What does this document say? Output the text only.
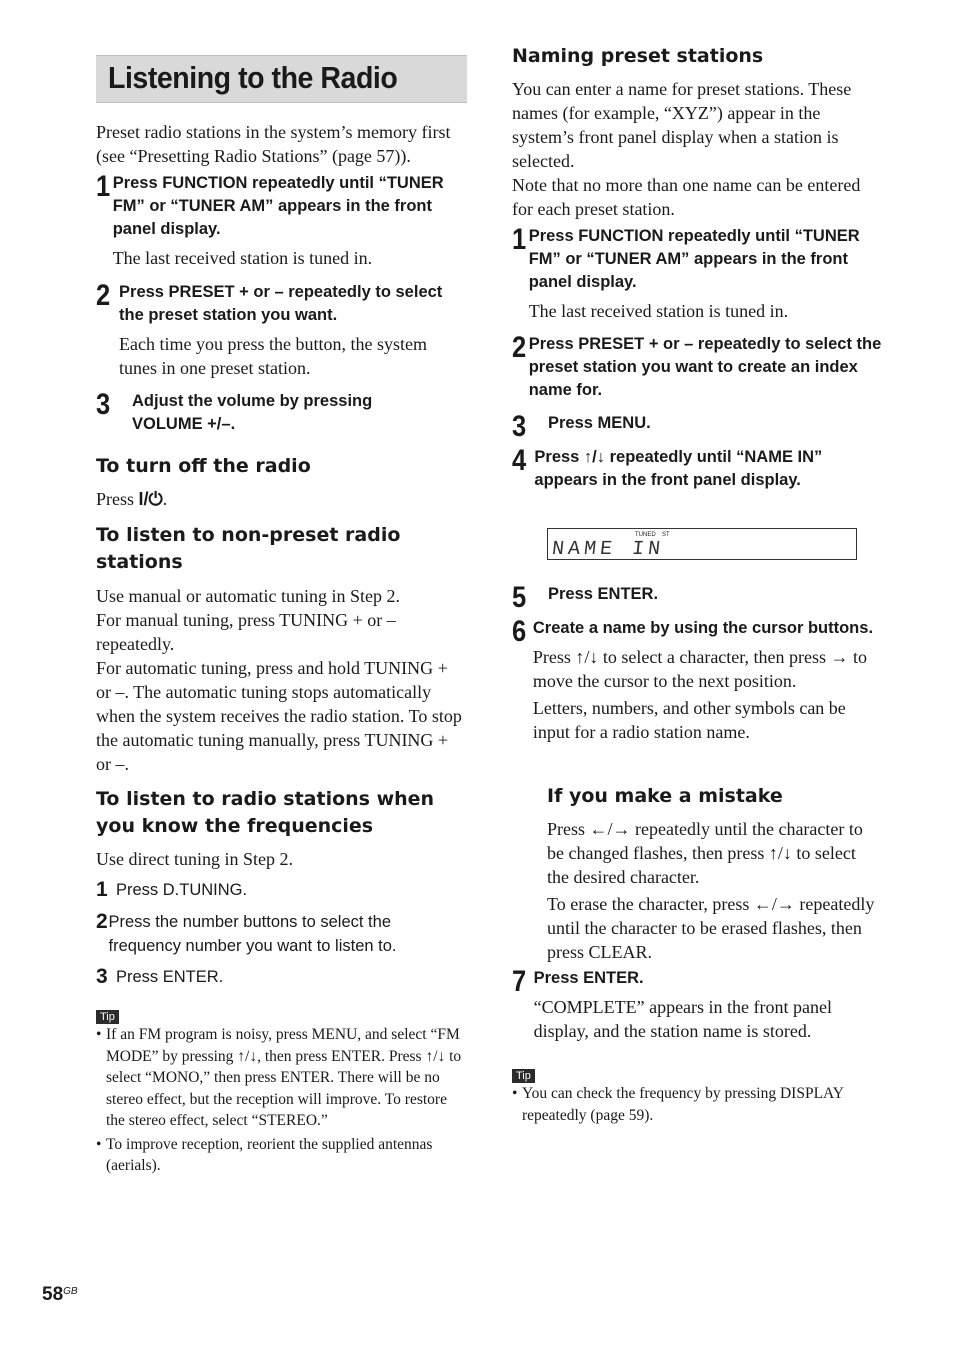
Listening to the Radio

Preset radio stations in the system’s memory first (see “Presetting Radio Stations” (page 57)).

1 Press FUNCTION repeatedly until “TUNER FM” or “TUNER AM” appears in the front panel display.

The last received station is tuned in.

2 Press PRESET + or – repeatedly to select the preset station you want.

Each time you press the button, the system tunes in one preset station.

3	Adjust the volume by pressing VOLUME +/–.
To turn off the radio

Press I/⏻.

To listen to non-preset radio stations

Use manual or automatic tuning in Step 2.

For manual tuning, press TUNING + or – repeatedly.

For automatic tuning, press and hold TUNING + or –. The automatic tuning stops automatically when the system receives the radio station. To stop the automatic tuning manually, press TUNING + or –.

To listen to radio stations when you know the frequencies

Use direct tuning in Step 2.

1 Press D.TUNING.
2 Press the number buttons to select the frequency number you want to listen to.
3 Press ENTER.
Tip
• If an FM program is noisy, press MENU, and select “FM MODE” by pressing ↑/↓, then press ENTER. Press ↑/↓ to select “MONO,” then press ENTER. There will be no stereo effect, but the reception will improve. To restore the stereo effect, select “STEREO.”
• To improve reception, reorient the supplied antennas (aerials).
Naming preset stations

You can enter a name for preset stations. These names (for example, “XYZ”) appear in the system’s front panel display when a station is selected.

Note that no more than one name can be entered for each preset station.

1 Press FUNCTION repeatedly until “TUNER FM” or “TUNER AM” appears in the front panel display.

The last received station is tuned in.

2 Press PRESET + or – repeatedly to select the preset station you want to create an index name for.
3	Press MENU.
4 Press ↑/↓ repeatedly until “NAME IN” appears in the front panel display.
TUNED ST
NAME IN
5	Press ENTER.
6 Create a name by using the cursor buttons.

Press ↑/↓ to select a character, then press → to move the cursor to the next position.

Letters, numbers, and other symbols can be input for a radio station name.

If you make a mistake

Press ←/→ repeatedly until the character to be changed flashes, then press ↑/↓ to select the desired character.

To erase the character, press ←/→ repeatedly until the character to be erased flashes, then press CLEAR.

7 Press ENTER.

“COMPLETE” appears in the front panel display, and the station name is stored.

Tip
• You can check the frequency by pressing DISPLAY repeatedly (page 59).
$58^{GB}$
